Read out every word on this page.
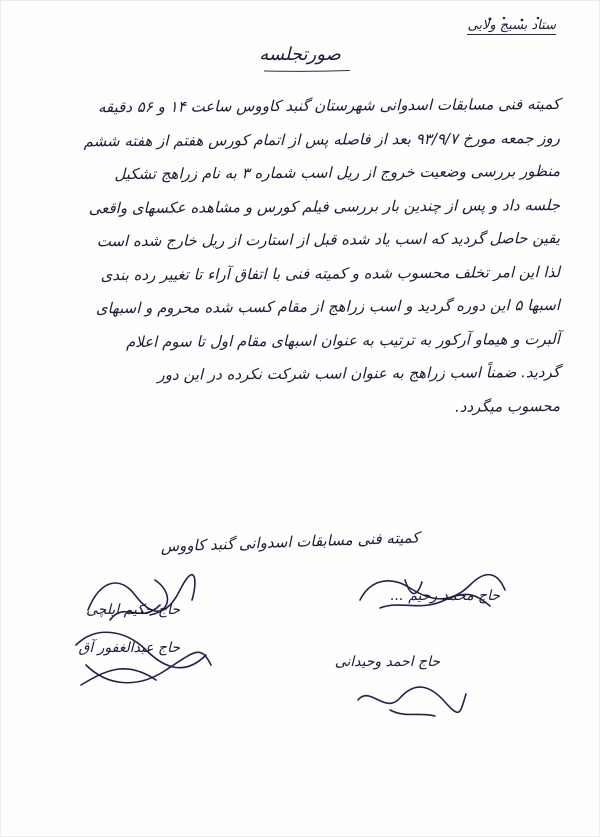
ستاد بسیج ولایی
صورتجلسه
کمیته فنی مسابقات اسدوانی شهرستان گنبد کاووس ساعت ۱۴ و ۵۶ دقیقه
روز جمعه مورخ ۹۳/۹/۷ بعد از فاصله پس از اتمام کورس هفتم از هفته ششم
منظور بررسی وضعیت خروج از ریل اسب شماره ۳ به نام زراهج تشکیل
جلسه داد و پس از چندین بار بررسی فیلم کورس و مشاهده عکسهای واقعی
یقین حاصل گردید که اسب یاد شده قبل از استارت از ریل خارج شده است
لذا این امر تخلف محسوب شده و کمیته فنی با اتفاق آراء تا تغییر رده بندی
اسبها ۵ این دوره گردید و اسب زراهج از مقام کسب شده محروم و اسبهای
آلبرت و هیماو آرکور به ترتیب به عنوان اسبهای مقام اول تا سوم اعلام
گردید. ضمناً اسب زراهج به عنوان اسب شرکت نکرده در این دور
محسوب میگردد.
کمیته فنی مسابقات اسدوانی گنبد کاووس
حاج محمد رحیم ...
حاج احمد وحیدانی
حاج حکیم ایلچی
حاج عبدالغفور آق
